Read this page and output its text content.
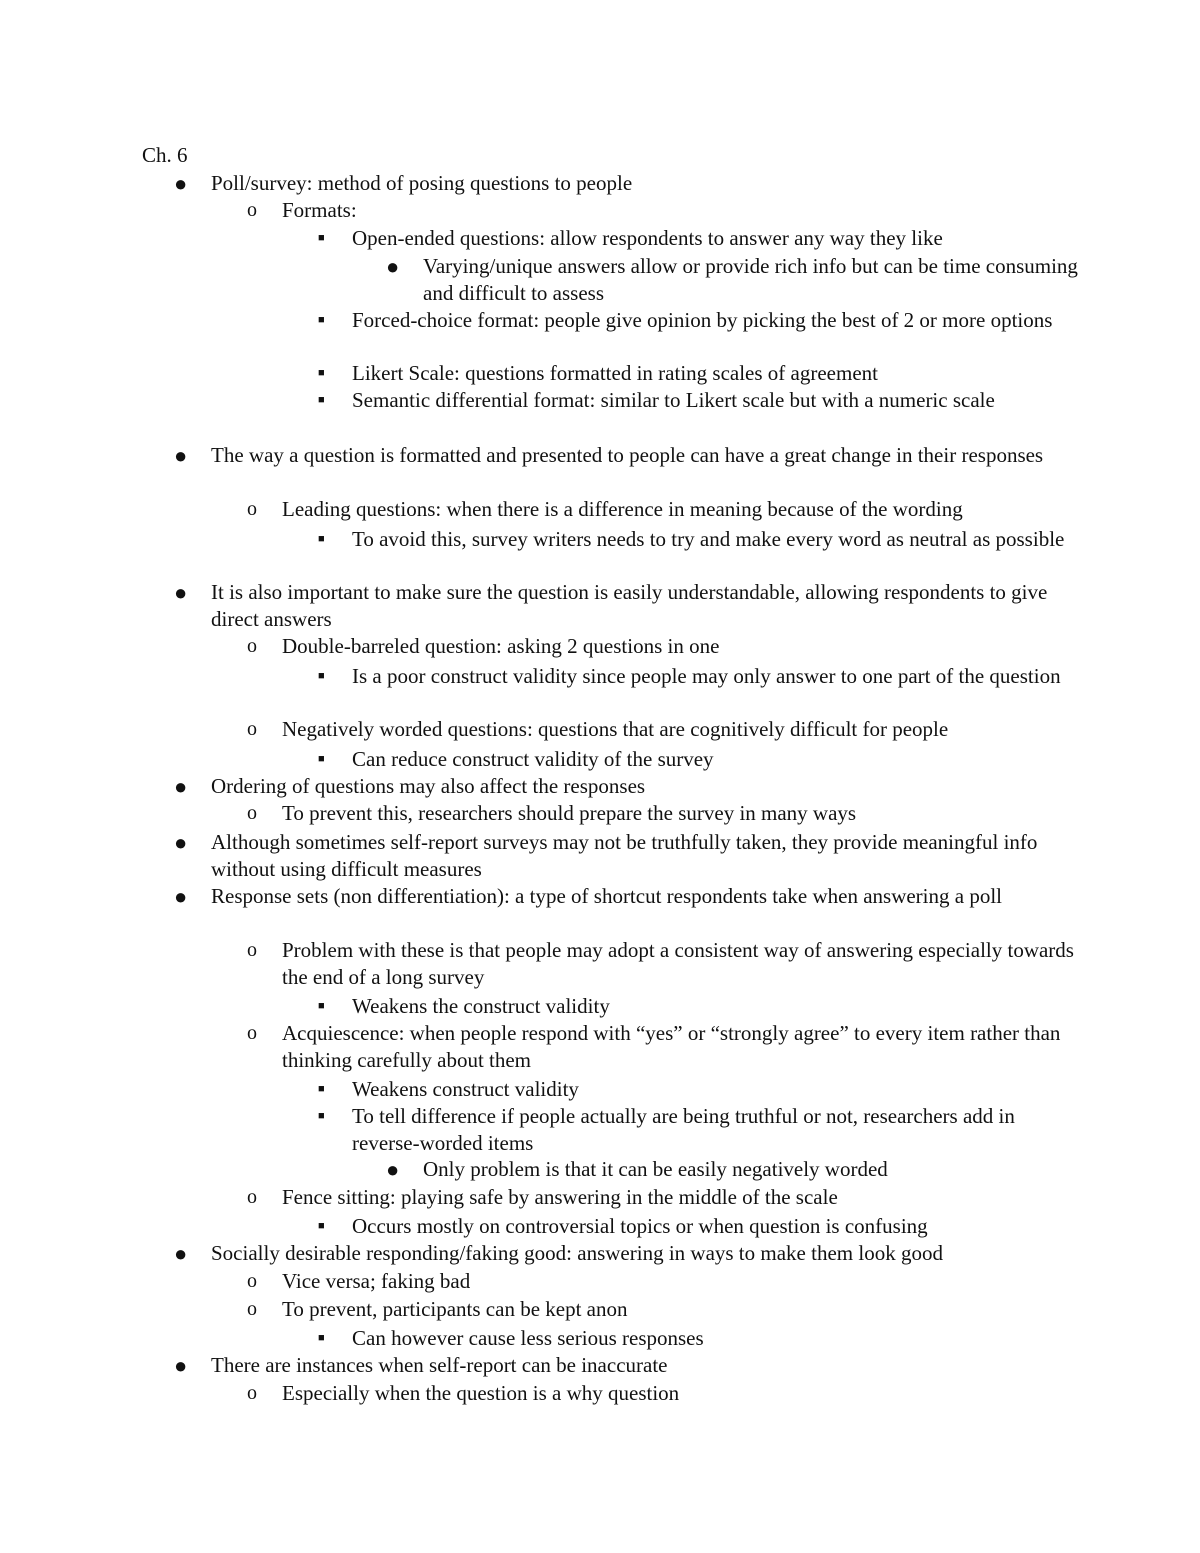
Ch. 6
● Poll/survey: method of posing questions to people
o Formats:
■ Open-ended questions: allow respondents to answer any way they like
● Varying/unique answers allow or provide rich info but can be time consuming and difficult to assess
■ Forced-choice format: people give opinion by picking the best of 2 or more options
■ Likert Scale: questions formatted in rating scales of agreement
■ Semantic differential format: similar to Likert scale but with a numeric scale
● The way a question is formatted and presented to people can have a great change in their responses
o Leading questions: when there is a difference in meaning because of the wording
■ To avoid this, survey writers needs to try and make every word as neutral as possible
● It is also important to make sure the question is easily understandable, allowing respondents to give direct answers
o Double-barreled question: asking 2 questions in one
■ Is a poor construct validity since people may only answer to one part of the question
o Negatively worded questions: questions that are cognitively difficult for people
■ Can reduce construct validity of the survey
● Ordering of questions may also affect the responses
o To prevent this, researchers should prepare the survey in many ways
● Although sometimes self-report surveys may not be truthfully taken, they provide meaningful info without using difficult measures
● Response sets (non differentiation): a type of shortcut respondents take when answering a poll
o Problem with these is that people may adopt a consistent way of answering especially towards the end of a long survey
■ Weakens the construct validity
o Acquiescence: when people respond with “yes” or “strongly agree” to every item rather than thinking carefully about them
■ Weakens construct validity
■ To tell difference if people actually are being truthful or not, researchers add in reverse-worded items
● Only problem is that it can be easily negatively worded
o Fence sitting: playing safe by answering in the middle of the scale
■ Occurs mostly on controversial topics or when question is confusing
● Socially desirable responding/faking good: answering in ways to make them look good
o Vice versa; faking bad
o To prevent, participants can be kept anon
■ Can however cause less serious responses
● There are instances when self-report can be inaccurate
o Especially when the question is a why question
